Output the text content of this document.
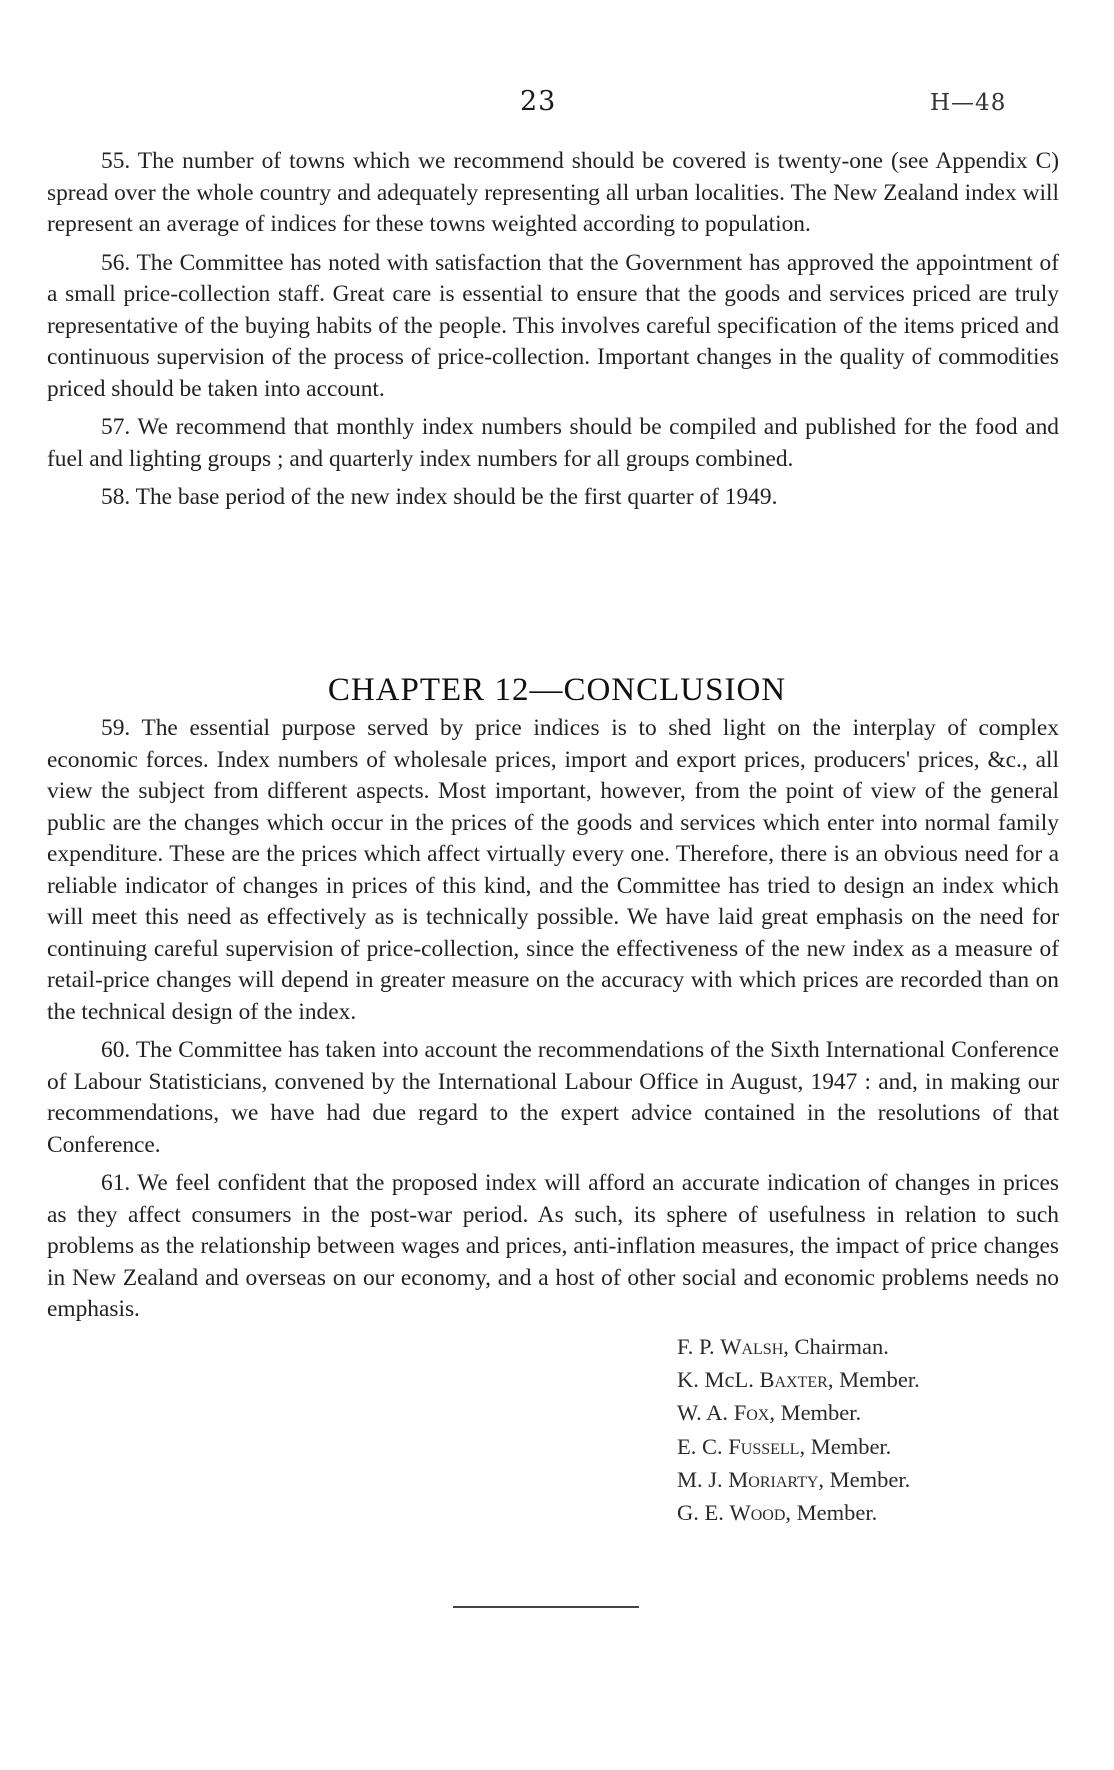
23	H—48

55. The number of towns which we recommend should be covered is twenty-one (see Appendix C) spread over the whole country and adequately representing all urban localities. The New Zealand index will represent an average of indices for these towns weighted according to population.

56. The Committee has noted with satisfaction that the Government has approved the appointment of a small price-collection staff. Great care is essential to ensure that the goods and services priced are truly representative of the buying habits of the people. This involves careful specification of the items priced and continuous supervision of the process of price-collection. Important changes in the quality of commodities priced should be taken into account.

57. We recommend that monthly index numbers should be compiled and published for the food and fuel and lighting groups ; and quarterly index numbers for all groups combined.

58. The base period of the new index should be the first quarter of 1949.

CHAPTER 12—CONCLUSION

59. The essential purpose served by price indices is to shed light on the interplay of complex economic forces. Index numbers of wholesale prices, import and export prices, producers' prices, &c., all view the subject from different aspects. Most important, however, from the point of view of the general public are the changes which occur in the prices of the goods and services which enter into normal family expenditure. These are the prices which affect virtually every one. Therefore, there is an obvious need for a reliable indicator of changes in prices of this kind, and the Committee has tried to design an index which will meet this need as effectively as is technically possible. We have laid great emphasis on the need for continuing careful supervision of price-collection, since the effectiveness of the new index as a measure of retail-price changes will depend in greater measure on the accuracy with which prices are recorded than on the technical design of the index.

60. The Committee has taken into account the recommendations of the Sixth International Conference of Labour Statisticians, convened by the International Labour Office in August, 1947 : and, in making our recommendations, we have had due regard to the expert advice contained in the resolutions of that Conference.

61. We feel confident that the proposed index will afford an accurate indication of changes in prices as they affect consumers in the post-war period. As such, its sphere of usefulness in relation to such problems as the relationship between wages and prices, anti-inflation measures, the impact of price changes in New Zealand and overseas on our economy, and a host of other social and economic problems needs no emphasis.

F. P. Walsh, Chairman.
K. McL. Baxter, Member.
W. A. Fox, Member.
E. C. Fussell, Member.
M. J. Moriarty, Member.
G. E. Wood, Member.
